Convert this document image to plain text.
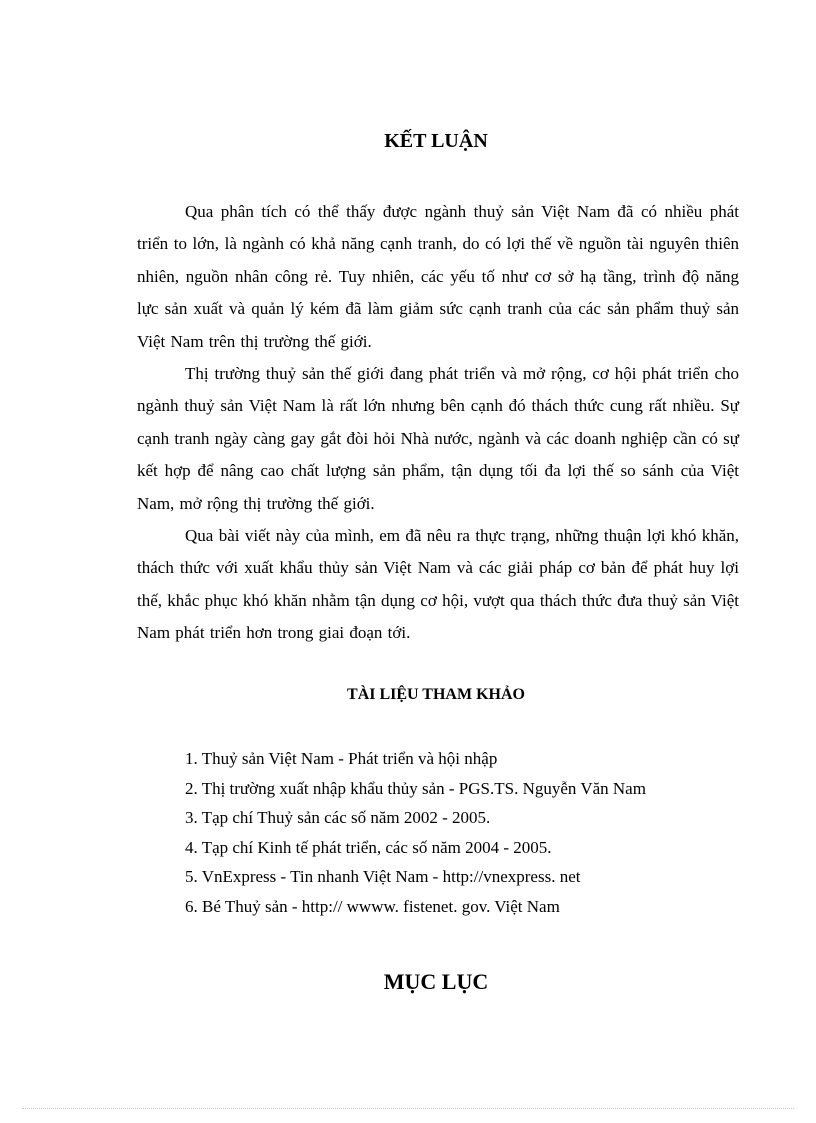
KẾT LUẬN

Qua phân tích có thể thấy được ngành thuỷ sản Việt Nam đã có nhiều phát triển to lớn, là ngành có khả năng cạnh tranh, do có lợi thế về nguồn tài nguyên thiên nhiên, nguồn nhân công rẻ. Tuy nhiên, các yếu tố như cơ sở hạ tầng, trình độ năng lực sản xuất và quản lý kém đã làm giảm sức cạnh tranh của các sản phẩm thuỷ sản Việt Nam trên thị trường thế giới.

Thị trường thuỷ sản thế giới đang phát triển và mở rộng, cơ hội phát triển cho ngành thuỷ sản Việt Nam là rất lớn nhưng bên cạnh đó thách thức cung rất nhiều. Sự cạnh tranh ngày càng gay gắt đòi hỏi Nhà nước, ngành và các doanh nghiệp cần có sự kết hợp để nâng cao chất lượng sản phẩm, tận dụng tối đa lợi thế so sánh của Việt Nam, mở rộng thị trường thế giới.

Qua bài viết này của mình, em đã nêu ra thực trạng, những thuận lợi khó khăn, thách thức với xuất khẩu thủy sản Việt Nam và các giải pháp cơ bản để phát huy lợi thế, khắc phục khó khăn nhằm tận dụng cơ hội, vượt qua thách thức đưa thuỷ sản Việt Nam phát triển hơn trong giai đoạn tới.

TÀI LIỆU THAM KHẢO
1. Thuỷ sản Việt Nam - Phát triển và hội nhập
2. Thị trường xuất nhập khẩu thủy sản - PGS.TS. Nguyễn Văn Nam
3. Tạp chí Thuỷ sản các số năm 2002 - 2005.
4. Tạp chí Kinh tế phát triển, các số năm 2004 - 2005.
5. VnExpress - Tin nhanh Việt Nam - http://vnexpress. net
6. Bé Thuỷ sản - http:// wwww. fistenet. gov. Việt Nam
MỤC LỤC
